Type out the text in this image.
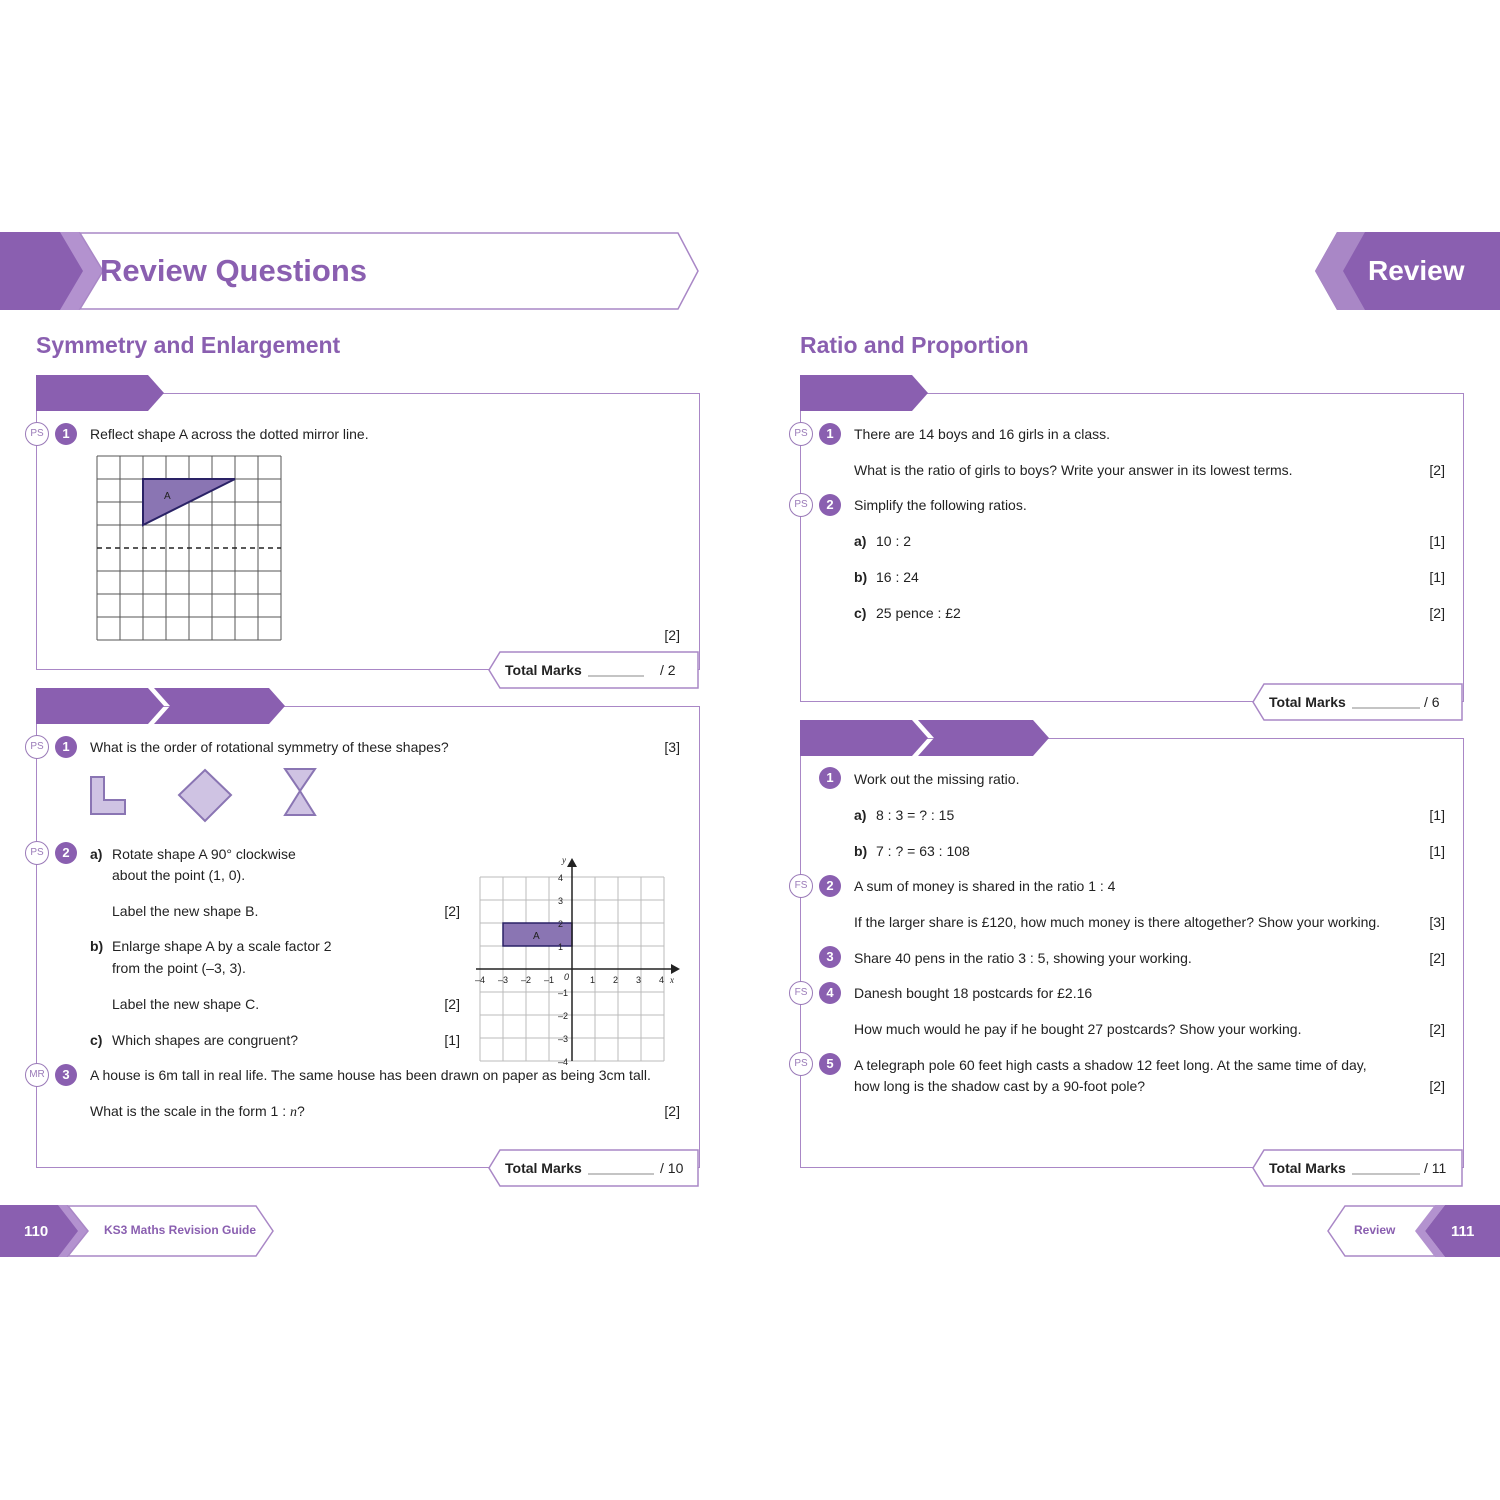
Review Questions	Review
Symmetry and Enlargement
PS	1	Reflect shape A across the dotted mirror line.
A
[2]
Total Marks	/ 2
PS	1	What is the order of rotational symmetry of these shapes?	[3]
PS	2	a) Rotate shape A 90° clockwise
about the point (1, 0).
Label the new shape B.	[2]
b) Enlarge shape A by a scale factor 2
from the point (–3, 3).
Label the new shape C.	[2]
c) Which shapes are congruent?	[1]
A
x
y
0
–4 –3 –2 –1	1 2 3 4
4
3
2
1
–1
–2
–3
–4
MR	3	A house is 6m tall in real life. The same house has been drawn on paper as being 3cm tall.
What is the scale in the form 1 : n?	[2]
Total Marks	/ 10
110	KS3 Maths Revision Guide
Ratio and Proportion
PS	1	There are 14 boys and 16 girls in a class.
What is the ratio of girls to boys? Write your answer in its lowest terms.	[2]
PS	2	Simplify the following ratios.
a) 10 : 2	[1]
b) 16 : 24	[1]
c) 25 pence : £2	[2]
Total Marks	/ 6
1	Work out the missing ratio.
a) 8 : 3 = ? : 15	[1]
b) 7 : ? = 63 : 108	[1]
FS	2	A sum of money is shared in the ratio 1 : 4
If the larger share is £120, how much money is there altogether? Show your working.	[3]
3	Share 40 pens in the ratio 3 : 5, showing your working.	[2]
FS	4	Danesh bought 18 postcards for £2.16
How much would he pay if he bought 27 postcards? Show your working.	[2]
PS	5	A telegraph pole 60 feet high casts a shadow 12 feet long. At the same time of day,
how long is the shadow cast by a 90-foot pole?	[2]
Total Marks	/ 11
Review	111
